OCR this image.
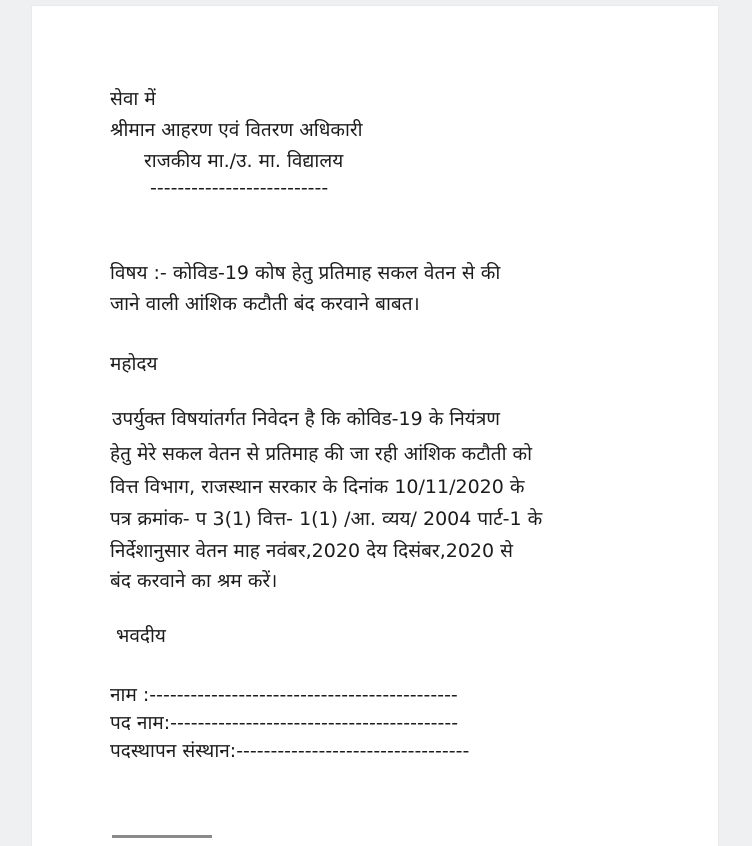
सेवा में
श्रीमान आहरण एवं वितरण अधिकारी
राजकीय मा./उ. मा. विद्यालय
--------------------------
विषय :- कोविड-19 कोष हेतु प्रतिमाह सकल वेतन से की
जाने वाली आंशिक कटौती बंद करवाने बाबत।
महोदय
उपर्युक्त विषयांतर्गत निवेदन है कि कोविड-19 के नियंत्रण
हेतु मेरे सकल वेतन से प्रतिमाह की जा रही आंशिक कटौती को
वित्त विभाग, राजस्थान सरकार के दिनांक 10/11/2020 के
पत्र क्रमांक- प 3(1) वित्त- 1(1) /आ. व्यय/ 2004 पार्ट-1 के
निर्देशानुसार वेतन माह नवंबर,2020 देय दिसंबर,2020 से
बंद करवाने का श्रम करें।
भवदीय
नाम :---------------------------------------------
पद नाम:------------------------------------------
पदस्थापन संस्थान:----------------------------------
